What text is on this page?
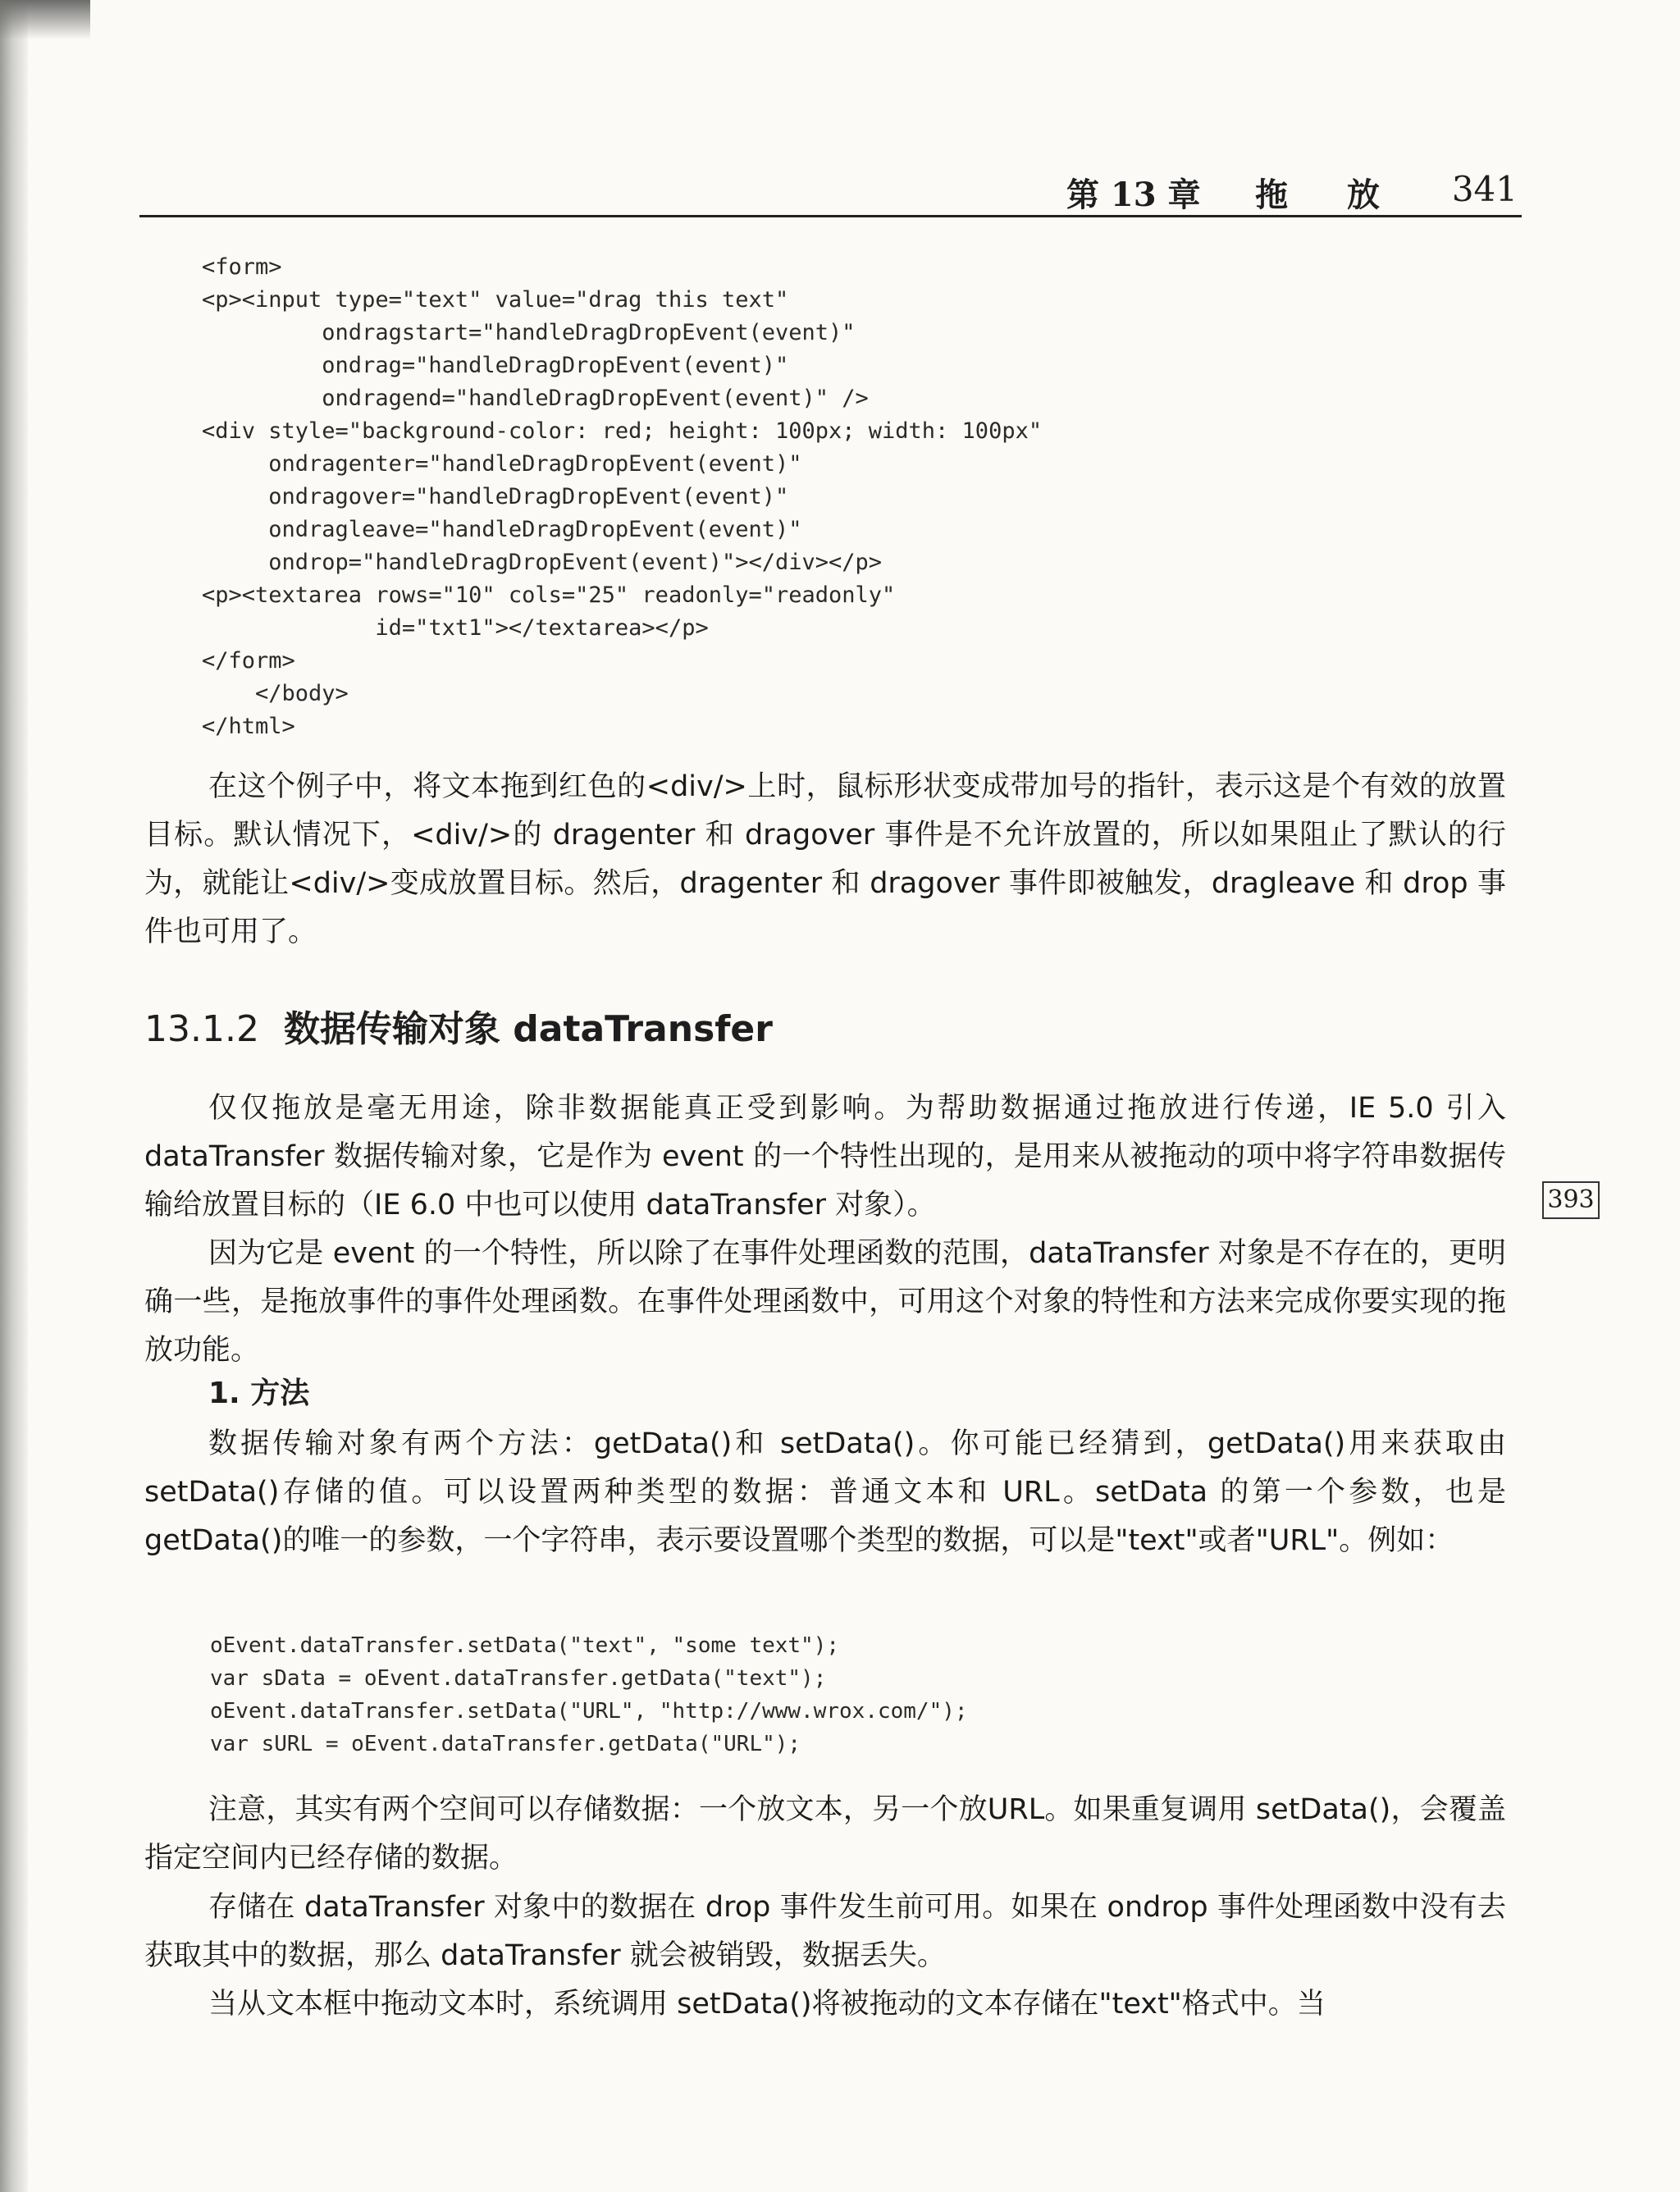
第 13 章 拖放 341
<form>
<p><input type="text" value="drag this text"
ondragstart="handleDragDropEvent(event)"
ondrag="handleDragDropEvent(event)"
ondragend="handleDragDropEvent(event)" />
<div style="background-color: red; height: 100px; width: 100px"
ondragenter="handleDragDropEvent(event)"
ondragover="handleDragDropEvent(event)"
ondragleave="handleDragDropEvent(event)"
ondrop="handleDragDropEvent(event)"></div></p>
<p><textarea rows="10" cols="25" readonly="readonly"
id="txt1"></textarea></p>
</form>
</body>
</html>

在这个例子中，将文本拖到红色的<div/>上时，鼠标形状变成带加号的指针，表示这是个有效的放置目标。默认情况下，<div/>的 dragenter 和 dragover 事件是不允许放置的，所以如果阻止了默认的行为，就能让<div/>变成放置目标。然后，dragenter 和 dragover 事件即被触发，dragleave 和 drop 事件也可用了。

13.1.2 数据传输对象 dataTransfer

仅仅拖放是毫无用途，除非数据能真正受到影响。为帮助数据通过拖放进行传递，IE 5.0 引入 dataTransfer 数据传输对象，它是作为 event 的一个特性出现的，是用来从被拖动的项中将字符串数据传输给放置目标的（IE 6.0 中也可以使用 dataTransfer 对象）。	393

因为它是 event 的一个特性，所以除了在事件处理函数的范围，dataTransfer 对象是不存在的，更明确一些，是拖放事件的事件处理函数。在事件处理函数中，可用这个对象的特性和方法来完成你要实现的拖放功能。

1. 方法

数据传输对象有两个方法：getData()和 setData()。你可能已经猜到，getData()用来获取由 setData()存储的值。可以设置两种类型的数据：普通文本和 URL。setData 的第一个参数，也是 getData()的唯一的参数，一个字符串，表示要设置哪个类型的数据，可以是"text"或者"URL"。例如：

oEvent.dataTransfer.setData("text", "some text");
var sData = oEvent.dataTransfer.getData("text");
oEvent.dataTransfer.setData("URL", "http://www.wrox.com/");
var sURL = oEvent.dataTransfer.getData("URL");

注意，其实有两个空间可以存储数据：一个放文本，另一个放URL。如果重复调用 setData()，会覆盖指定空间内已经存储的数据。

存储在 dataTransfer 对象中的数据在 drop 事件发生前可用。如果在 ondrop 事件处理函数中没有去获取其中的数据，那么 dataTransfer 就会被销毁，数据丢失。

当从文本框中拖动文本时，系统调用 setData()将被拖动的文本存储在"text"格式中。当
